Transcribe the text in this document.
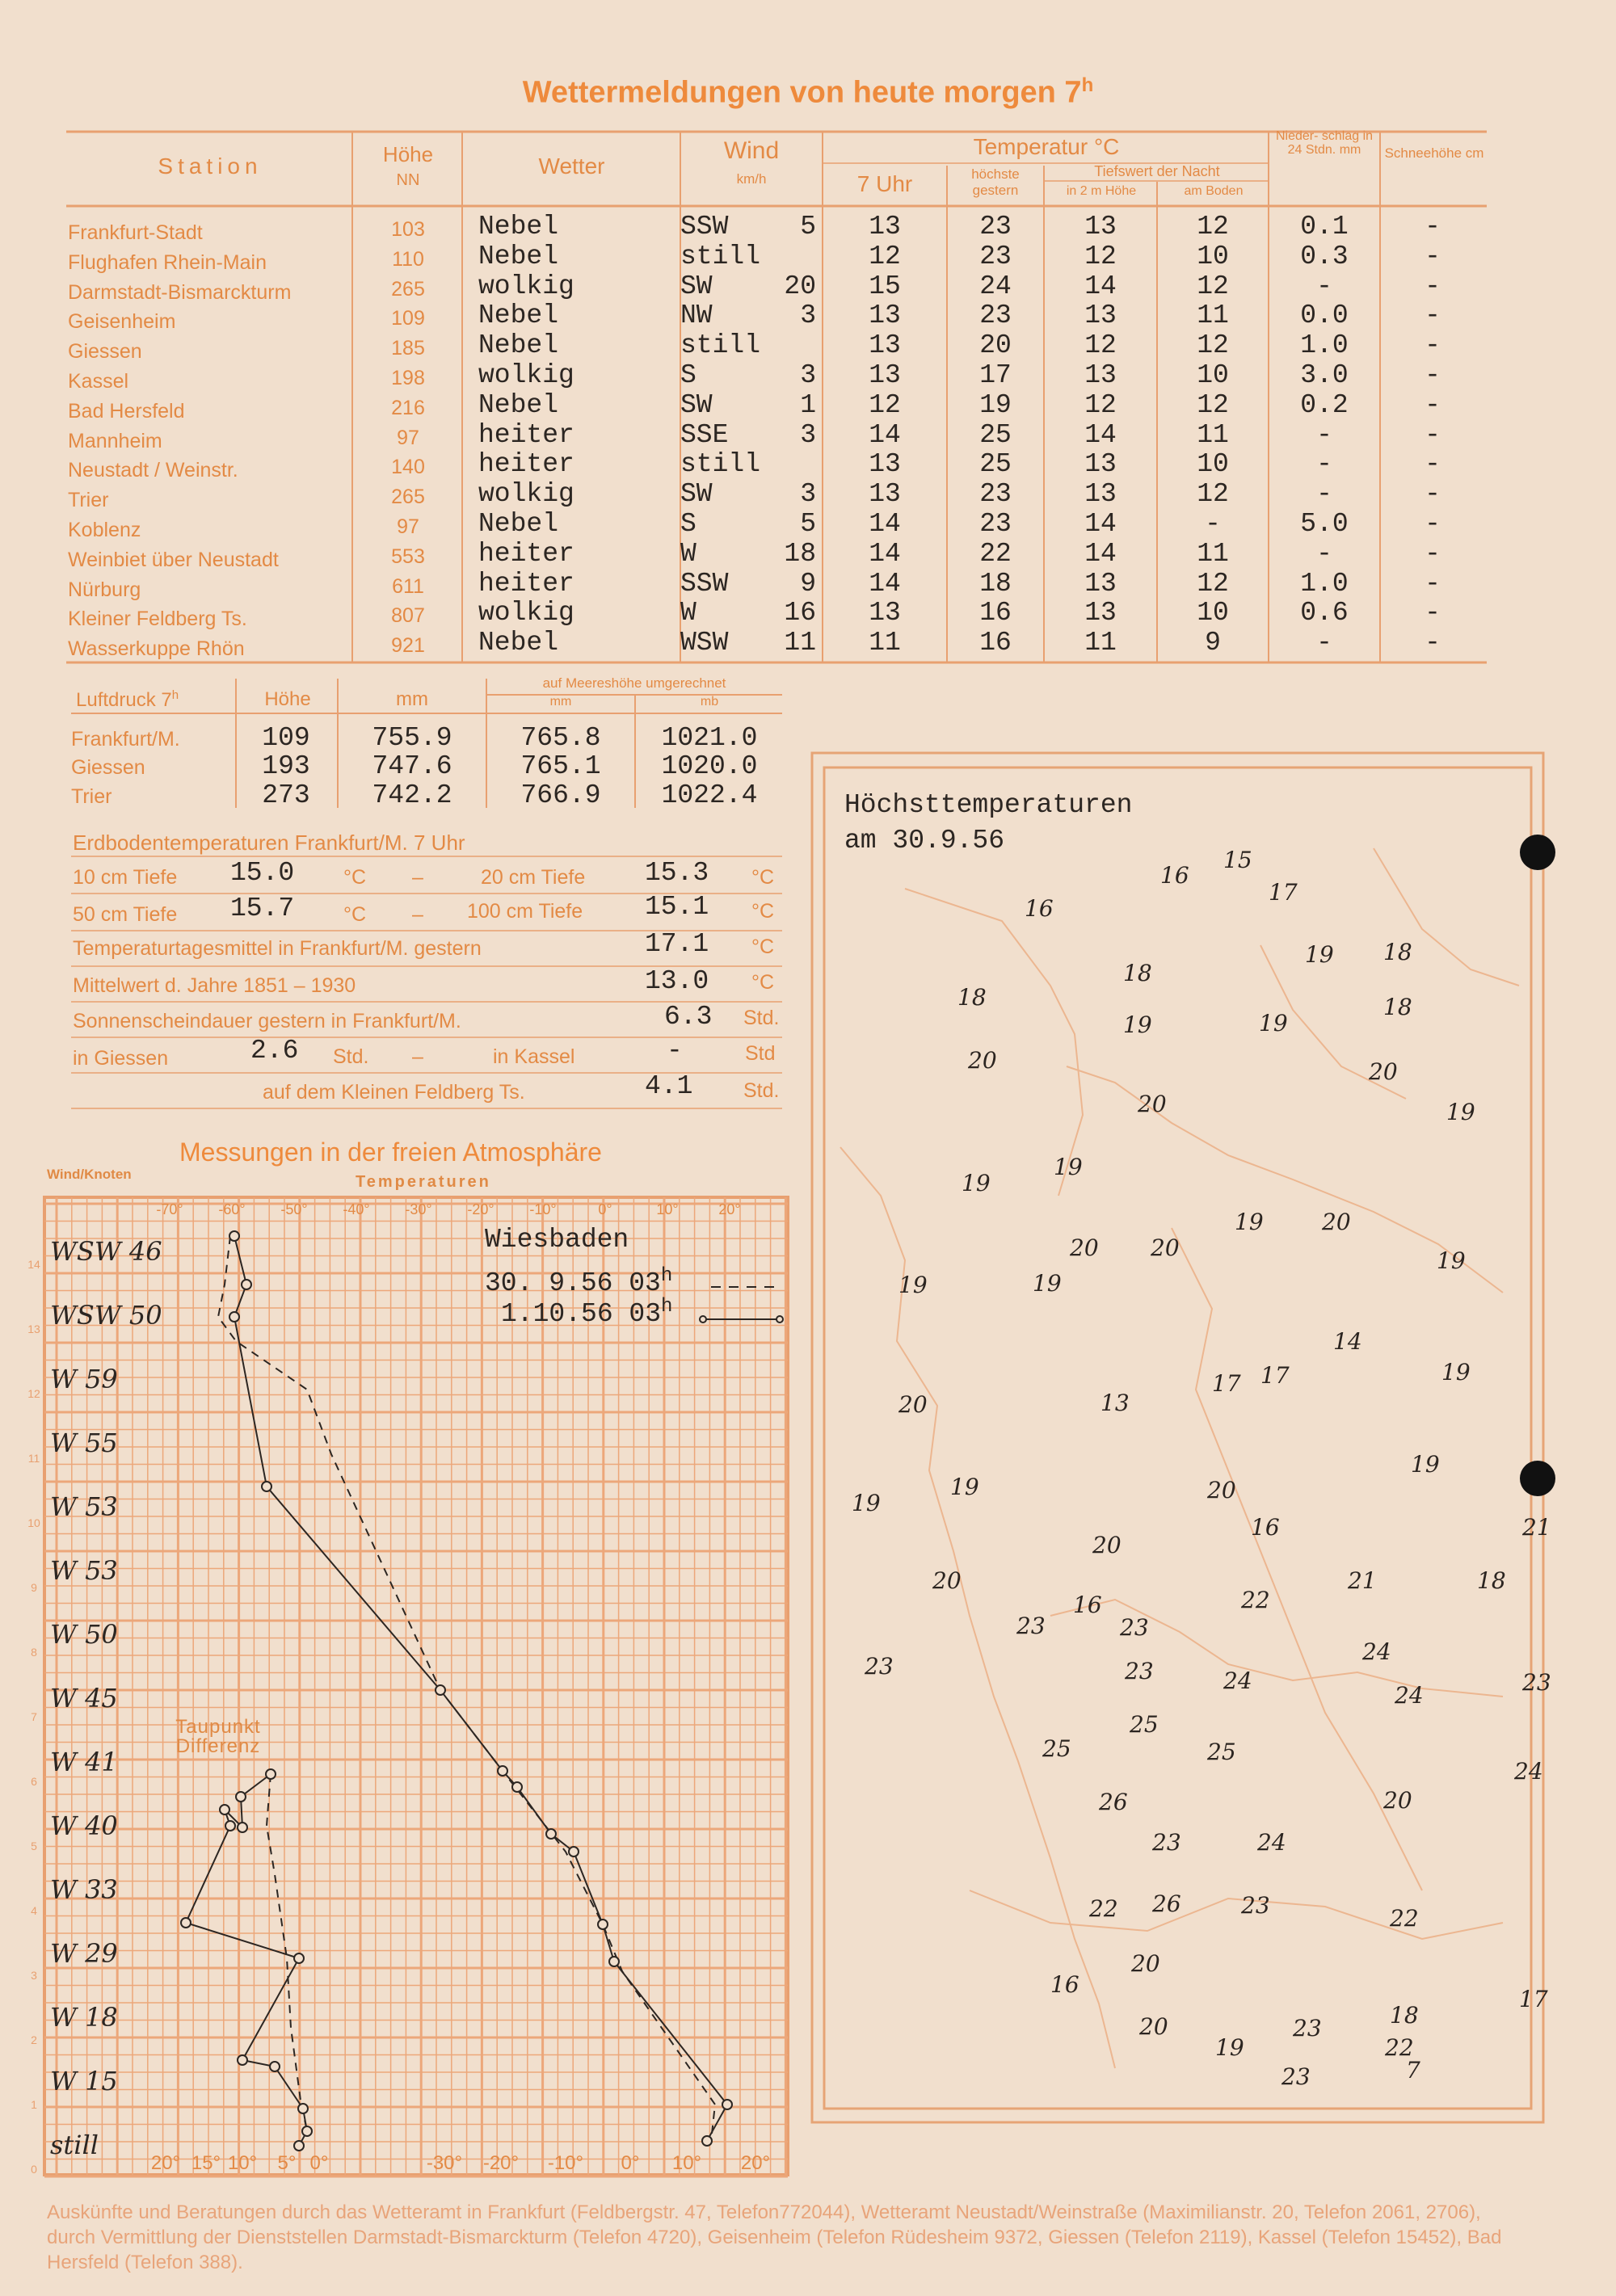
Wettermeldungen von heute morgen 7$^h$
Station	Höhe
NN
Wetter
Wind
km/h
Temperatur °C
7 Uhr	höchste gestern
Tiefswert der Nacht
in 2 m Höhe	am Boden
Nieder- schlag in 24 Stdn. mm	Schneehöhe cm
Frankfurt-Stadt	103	Nebel	SSW	5	13	23	13	12	0.1	-
Flughafen Rhein-Main	110	Nebel	still	12	23	12	10	0.3	-
Darmstadt-Bismarckturm	265	wolkig	SW	20	15	24	14	12	-	-
Geisenheim	109	Nebel	NW	3	13	23	13	11	0.0	-
Giessen	185	Nebel	still	13	20	12	12	1.0	-
Kassel	198	wolkig	S	3	13	17	13	10	3.0	-
Bad Hersfeld	216	Nebel	SW	1	12	19	12	12	0.2	-
Mannheim	97	heiter	SSE	3	14	25	14	11	-	-
Neustadt / Weinstr.	140	heiter	still	13	25	13	10	-	-
Trier	265	wolkig	SW	3	13	23	13	12	-	-
Koblenz	97	Nebel	S	5	14	23	14	-	5.0	-
Weinbiet über Neustadt	553	heiter	W	18	14	22	14	11	-	-
Nürburg	611	heiter	SSW	9	14	18	13	12	1.0	-
Kleiner Feldberg Ts.	807	wolkig	W	16	13	16	13	10	0.6	-
Wasserkuppe Rhön	921	Nebel	WSW	11	11	16	11	9	-	-
Luftdruck 7$^h$	Höhe	mm
auf Meereshöhe umgerechnet
mm	mb
Frankfurt/M.	109	755.9	765.8	1021.0
Giessen	193	747.6	765.1	1020.0
Trier	273	742.2	766.9	1022.4
Erdbodentemperaturen Frankfurt/M. 7 Uhr
10 cm Tiefe 15.0 °C –	20 cm Tiefe 15.3 °C
50 cm Tiefe 15.7 °C – 100 cm Tiefe 15.1 °C
Temperaturtagesmittel in Frankfurt/M. gestern	17.1 °C
Mittelwert d. Jahre 1851 – 1930	13.0 °C
Sonnenscheindauer gestern in Frankfurt/M.	6.3 Std.
in Giessen	2.6 Std. –	in Kassel	-	Std
auf dem Kleinen Feldberg Ts.	4.1	Std.
Messungen in der freien Atmosphäre
Wind/Knoten	Temperaturen
-70° -60° -50° -40° -30° -20° -10°	0°	10°	20°
20° 15° 10° 5° 0°	-30° -20° -10° 0° 10° 20°
14
13
12
11
10
9
8
7
6
5
4
3
2
1
0
WSW 46
WSW 50
W 59
W 55
W 53
W 53
W 50
W 45
W 41
W 40
W 33
W 29
W 18
W 15
still
Wiesbaden
30. 9.56 03$^h$
1.10.56 03$^h$
Taupunkt Differenz
Höchsttemperaturen am 30.9.56
15
16
16
17
19 18
18
18
18
19	19
20	20
20	19
19
19
20
19	20
20
19
19
19
14
17 17
13
19
20
19	20
19
19
16	21
20
21	18
20
23
16
23
22
23	24
24
23
24
23
25
25
25
24
26	20
23	24
22
26	23
22
16
20
17
18
20
19
23
22
7
23
Auskünfte und Beratungen durch das Wetteramt in Frankfurt (Feldbergstr. 47, Telefon772044), Wetteramt Neustadt/Weinstraße (Maximilianstr. 20, Telefon 2061, 2706), durch Vermittlung der Dienststellen Darmstadt-Bismarckturm (Telefon 4720), Geisenheim (Telefon Rüdesheim 9372, Giessen (Telefon 2119), Kassel (Telefon 15452), Bad Hersfeld (Telefon 388).
